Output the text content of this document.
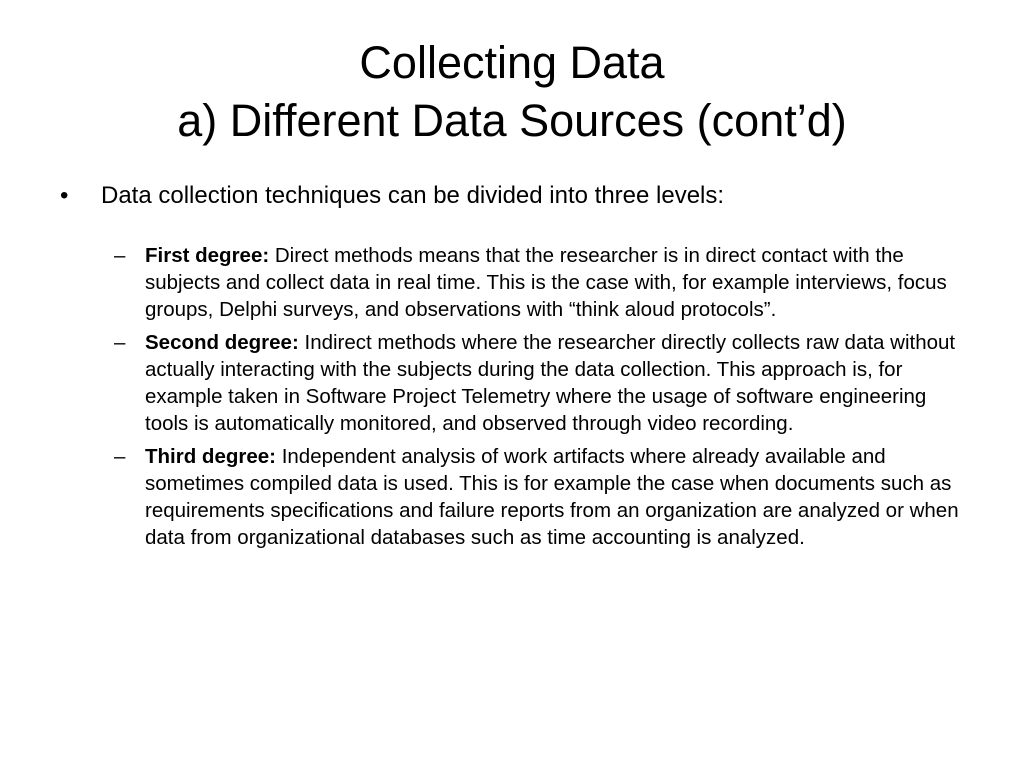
Collecting Data
a) Different Data Sources (cont’d)
•	Data collection techniques can be divided into three levels:
– First degree: Direct methods means that the researcher is in direct contact with the subjects and collect data in real time. This is the case with, for example interviews, focus groups, Delphi surveys, and observations with “think aloud protocols”.
– Second degree: Indirect methods where the researcher directly collects raw data without actually interacting with the subjects during the data collection. This approach is, for example taken in Software Project Telemetry where the usage of software engineering tools is automatically monitored, and observed through video recording.
– Third degree: Independent analysis of work artifacts where already available and sometimes compiled data is used. This is for example the case when documents such as requirements specifications and failure reports from an organization are analyzed or when data from organizational databases such as time accounting is analyzed.
